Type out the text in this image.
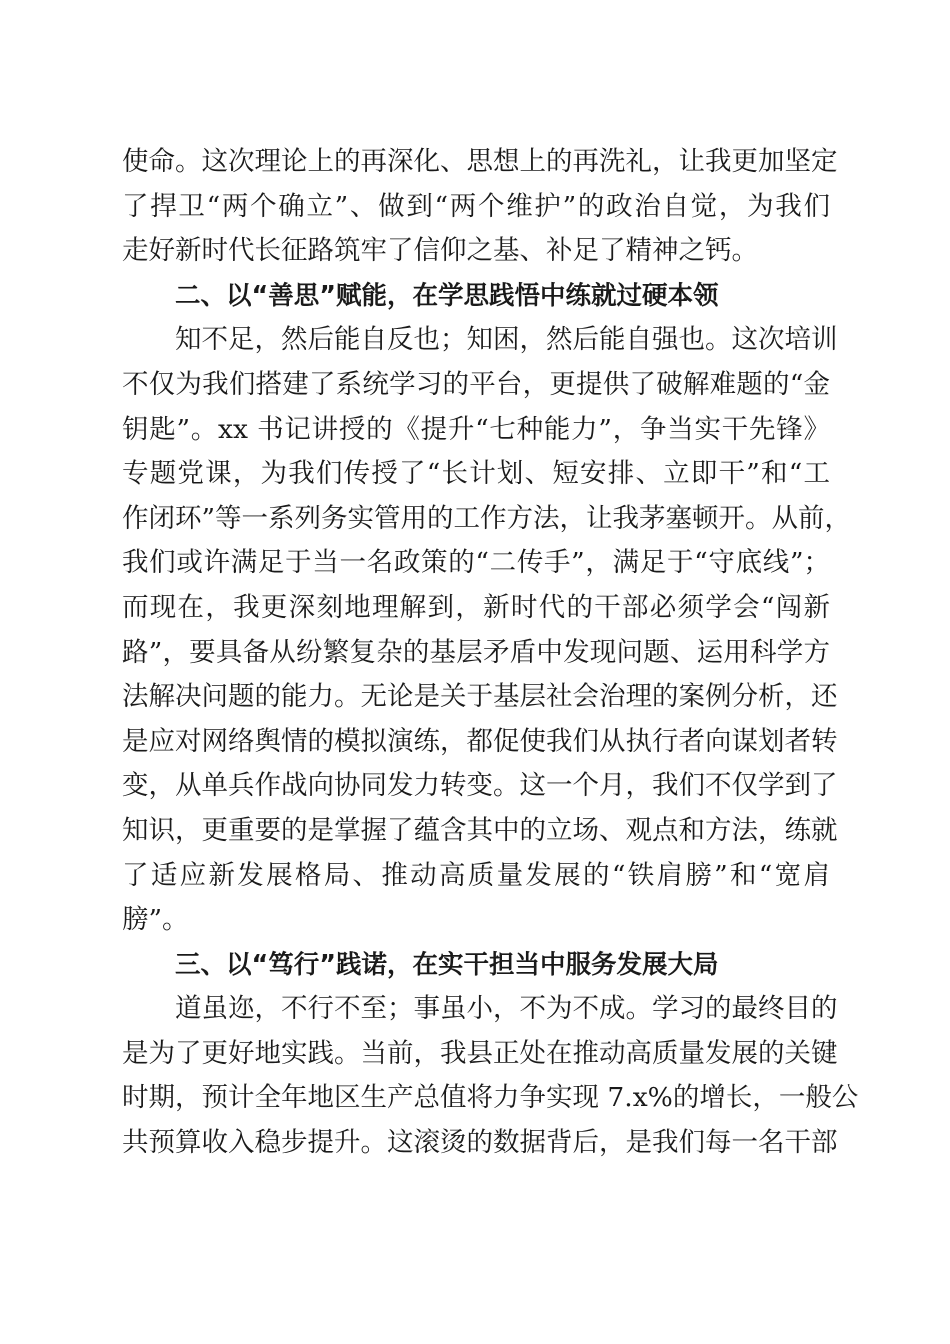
使命。这次理论上的再深化、思想上的再洗礼，让我更加坚定
了捍卫“两个确立”、做到“两个维护”的政治自觉，为我们
走好新时代长征路筑牢了信仰之基、补足了精神之钙。
二、以“善思”赋能，在学思践悟中练就过硬本领
知不足，然后能自反也；知困，然后能自强也。这次培训
不仅为我们搭建了系统学习的平台，更提供了破解难题的“金
钥匙”。xx 书记讲授的《提升“七种能力”，争当实干先锋》
专题党课，为我们传授了“长计划、短安排、立即干”和“工
作闭环”等一系列务实管用的工作方法，让我茅塞顿开。从前，
我们或许满足于当一名政策的“二传手”，满足于“守底线”；
而现在，我更深刻地理解到，新时代的干部必须学会“闯新
路”，要具备从纷繁复杂的基层矛盾中发现问题、运用科学方
法解决问题的能力。无论是关于基层社会治理的案例分析，还
是应对网络舆情的模拟演练，都促使我们从执行者向谋划者转
变，从单兵作战向协同发力转变。这一个月，我们不仅学到了
知识，更重要的是掌握了蕴含其中的立场、观点和方法，练就
了适应新发展格局、推动高质量发展的“铁肩膀”和“宽肩
膀”。
三、以“笃行”践诺，在实干担当中服务发展大局
道虽迩，不行不至；事虽小，不为不成。学习的最终目的
是为了更好地实践。当前，我县正处在推动高质量发展的关键
时期，预计全年地区生产总值将力争实现 7.x%的增长，一般公
共预算收入稳步提升。这滚烫的数据背后，是我们每一名干部
